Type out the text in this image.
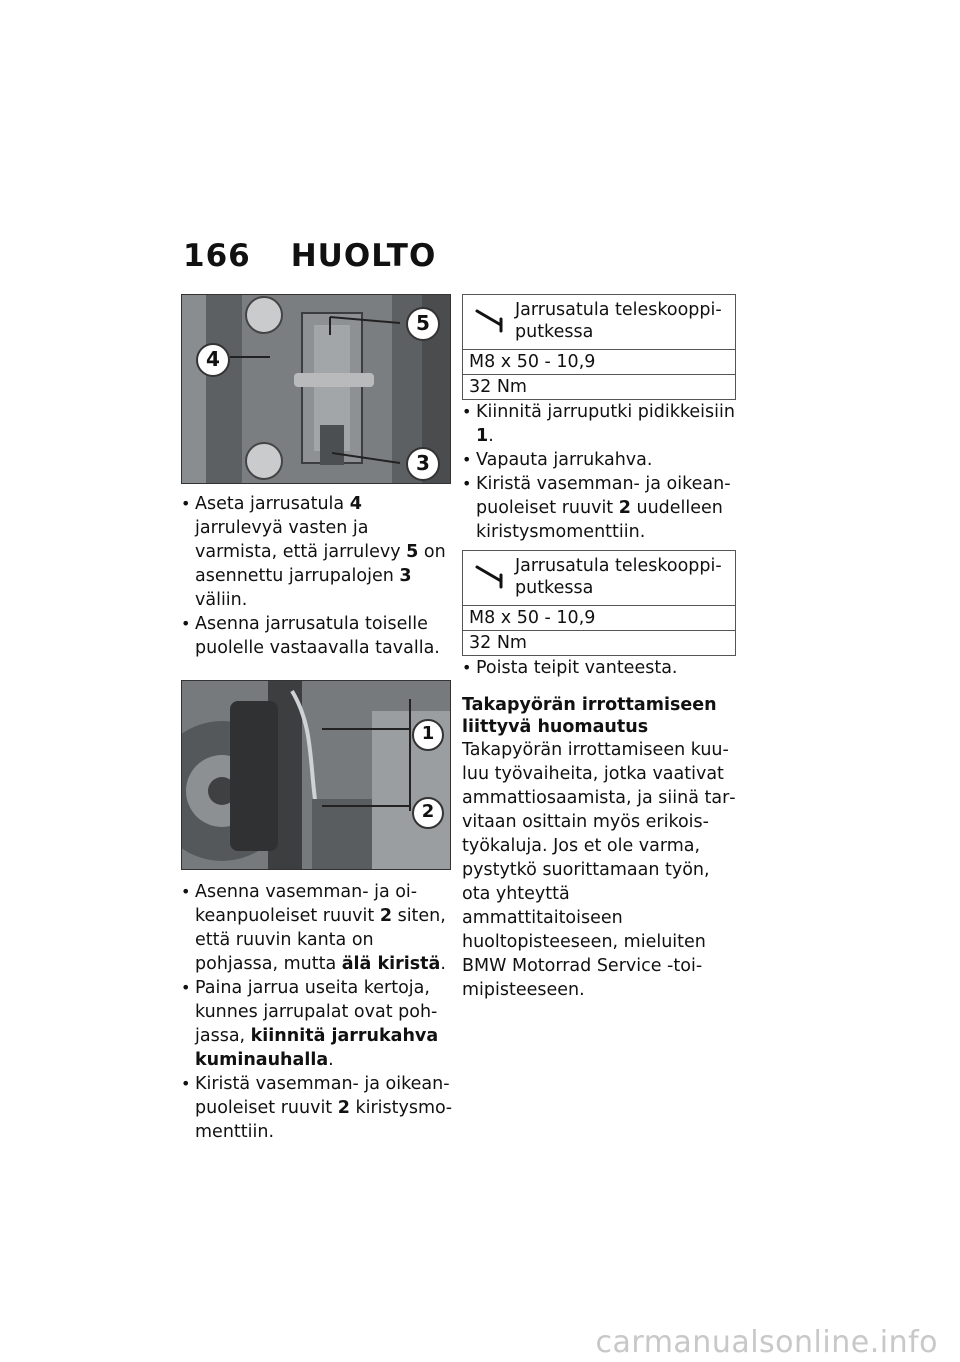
166 HUOLTO
4
5
3
• Aseta jarrusatula 4 jarrulevyä vasten ja varmista, että jarrulevy 5 on asennettu jarrupalojen 3 väliin.
• Asenna jarrusatula toiselle puolelle vastaavalla tavalla.
1
2
• Asenna vasemman- ja oikeanpuoleiset ruuvit 2 siten, että ruuvin kanta on pohjassa, mutta älä kiristä.
• Paina jarrua useita kertoja, kunnes jarrupalat ovat pohjassa, kiinnitä jarrukahva kuminauhalla.
• Kiristä vasemman- ja oikeanpuoleiset ruuvit 2 kiristysmomenttiin.
Jarrusatula teleskooppiputkessa
M8 x 50 - 10,9
32 Nm
• Kiinnitä jarruputki pidikkeisiin 1.
• Vapauta jarrukahva.
• Kiristä vasemman- ja oikeanpuoleiset ruuvit 2 uudelleen kiristysmomenttiin.
Jarrusatula teleskooppiputkessa
M8 x 50 - 10,9
32 Nm
• Poista teipit vanteesta.
Takapyörän irrottamiseen liittyvä huomautus
Takapyörän irrottamiseen kuuluu työvaiheita, jotka vaativat ammattiosaamista, ja siinä tarvitaan osittain myös erikoistyökaluja. Jos et ole varma, pystytkö suorittamaan työn, ota yhteyttä ammattitaitoiseen huoltopisteeseen, mieluiten BMW Motorrad Service -toimipisteeseen.
carmanualsonline.info
